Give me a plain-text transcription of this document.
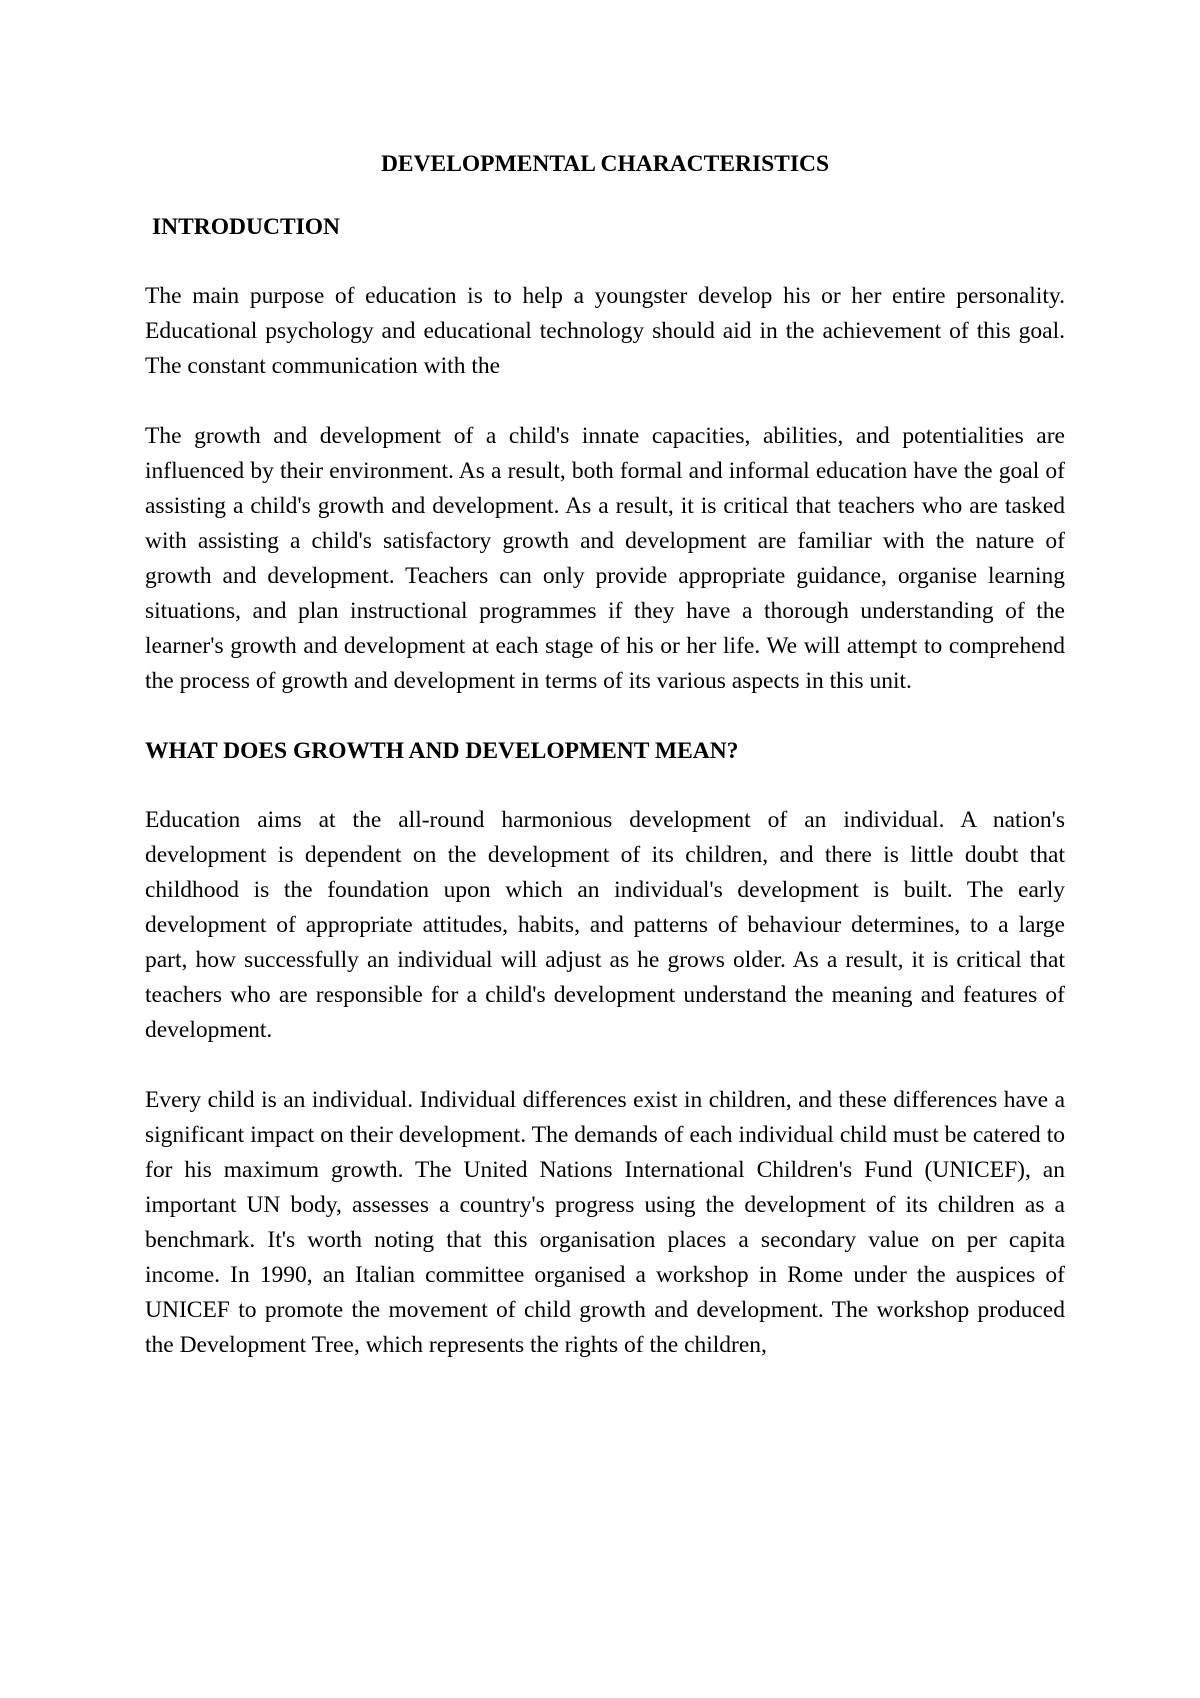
DEVELOPMENTAL CHARACTERISTICS
INTRODUCTION

The main purpose of education is to help a youngster develop his or her entire personality. Educational psychology and educational technology should aid in the achievement of this goal. The constant communication with the

The growth and development of a child's innate capacities, abilities, and potentialities are influenced by their environment. As a result, both formal and informal education have the goal of assisting a child's growth and development. As a result, it is critical that teachers who are tasked with assisting a child's satisfactory growth and development are familiar with the nature of growth and development. Teachers can only provide appropriate guidance, organise learning situations, and plan instructional programmes if they have a thorough understanding of the learner's growth and development at each stage of his or her life. We will attempt to comprehend the process of growth and development in terms of its various aspects in this unit.

WHAT DOES GROWTH AND DEVELOPMENT MEAN?

Education aims at the all-round harmonious development of an individual. A nation's development is dependent on the development of its children, and there is little doubt that childhood is the foundation upon which an individual's development is built. The early development of appropriate attitudes, habits, and patterns of behaviour determines, to a large part, how successfully an individual will adjust as he grows older. As a result, it is critical that teachers who are responsible for a child's development understand the meaning and features of development.

Every child is an individual. Individual differences exist in children, and these differences have a significant impact on their development. The demands of each individual child must be catered to for his maximum growth. The United Nations International Children's Fund (UNICEF), an important UN body, assesses a country's progress using the development of its children as a benchmark. It's worth noting that this organisation places a secondary value on per capita income. In 1990, an Italian committee organised a workshop in Rome under the auspices of UNICEF to promote the movement of child growth and development. The workshop produced the Development Tree, which represents the rights of the children,
